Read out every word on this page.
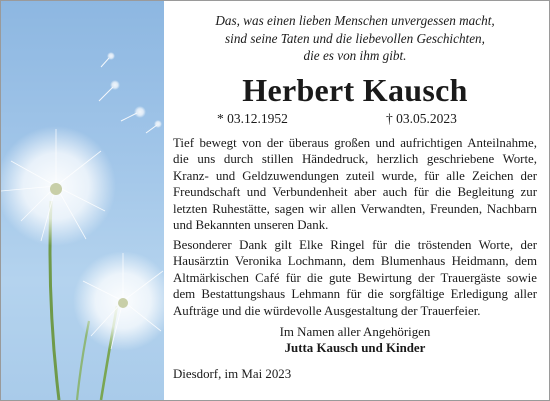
Das, was einen lieben Menschen unvergessen macht,
sind seine Taten und die liebevollen Geschichten,
die es von ihm gibt.
Herbert Kausch
* 03.12.1952	† 03.05.2023

Tief bewegt von der überaus großen und aufrichtigen Anteilnahme, die uns durch stillen Händedruck, herzlich geschriebene Worte, Kranz- und Geldzuwendungen zuteil wurde, für alle Zeichen der Freundschaft und Verbundenheit aber auch für die Begleitung zur letzten Ruhestätte, sagen wir allen Verwandten, Freunden, Nachbarn und Bekannten unseren Dank.

Besonderer Dank gilt Elke Ringel für die tröstenden Worte, der Hausärztin Veronika Lochmann, dem Blumenhaus Heidmann, dem Altmärkischen Café für die gute Bewirtung der Trauergäste sowie dem Bestattungshaus Lehmann für die sorgfältige Erledigung aller Aufträge und die würdevolle Ausgestaltung der Trauerfeier.

Im Namen aller Angehörigen
Jutta Kausch und Kinder
Diesdorf, im Mai 2023
